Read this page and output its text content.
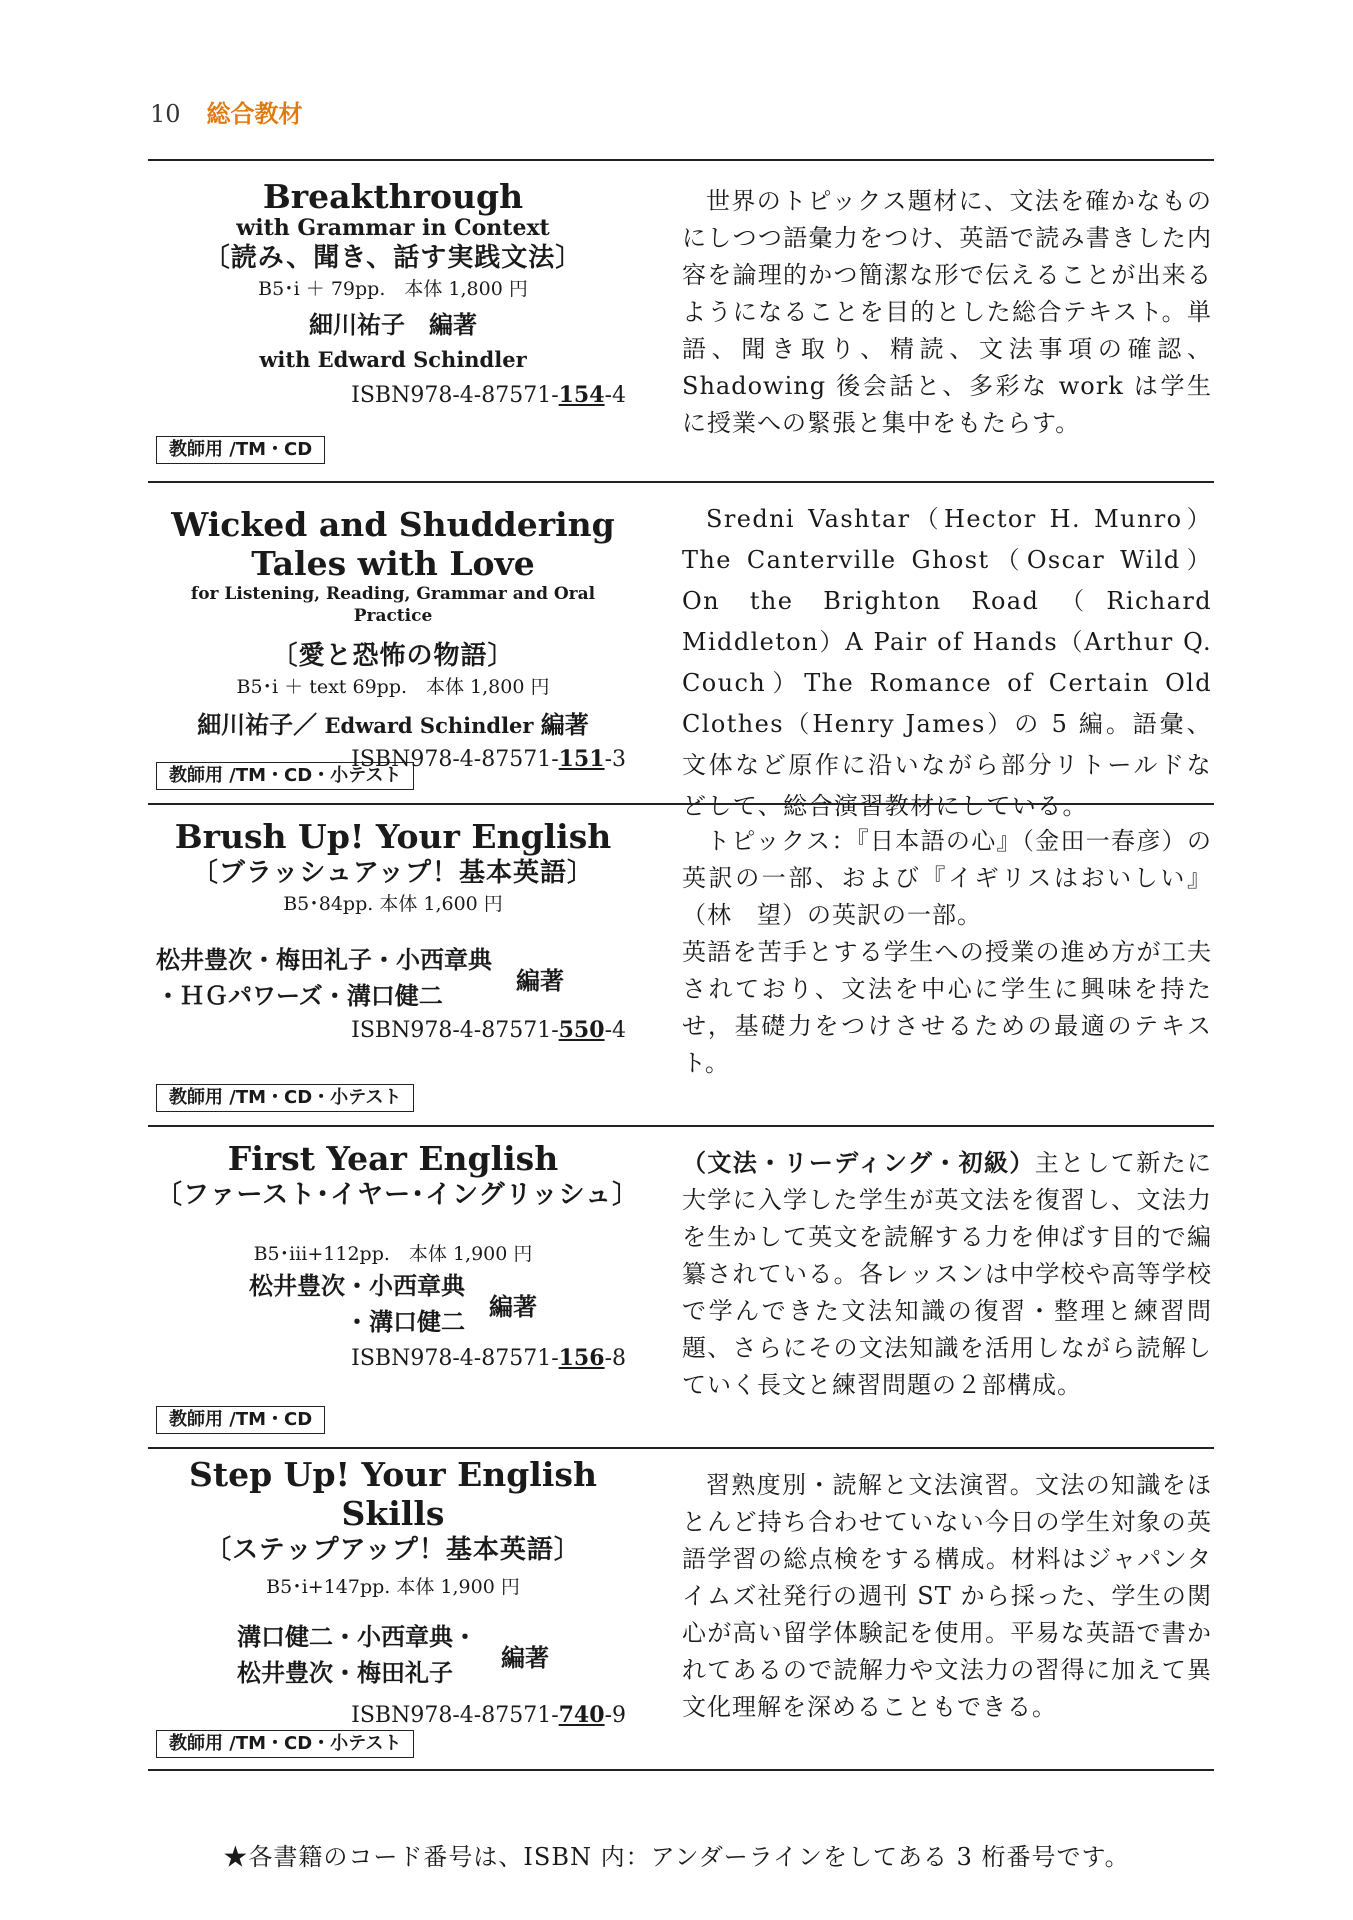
10 総合教材
Breakthrough
with Grammar in Context
〔読み、聞き、話す実践文法〕
B5･i ＋ 79pp.　本体 1,800 円
細川祐子　編著
with Edward Schindler
ISBN978-4-87571-154-4
教師用 /TM・CD

世界のトピックス題材に、文法を確かなものにしつつ語彙力をつけ、英語で読み書きした内容を論理的かつ簡潔な形で伝えることが出来るようになることを目的とした総合テキスト。単語、聞き取り、精読、文法事項の確認、Shadowing 後会話と、多彩な work は学生に授業への緊張と集中をもたらす。

Wicked and Shuddering
Tales with Love
for Listening, Reading, Grammar and Oral Practice
〔愛と恐怖の物語〕
B5･i ＋ text 69pp.　本体 1,800 円
細川祐子／ Edward Schindler 編著
ISBN978-4-87571-151-3
教師用 /TM・CD・小テスト

Sredni Vashtar（Hector H. Munro）The Canterville Ghost（Oscar Wild）On the Brighton Road（Richard Middleton）A Pair of Hands（Arthur Q. Couch）The Romance of Certain Old Clothes（Henry James）の 5 編。語彙、文体など原作に沿いながら部分リトールドなどして、総合演習教材にしている。

Brush Up! Your English
〔ブラッシュアップ！基本英語〕
B5･84pp. 本体 1,600 円
松井豊次・梅田礼子・小西章典
・ＨＧパワーズ・溝口健二
編著
ISBN978-4-87571-550-4
教師用 /TM・CD・小テスト

トピックス：『日本語の心』（金田一春彦）の英訳の一部、および『イギリスはおいしい』（林　望）の英訳の一部。

英語を苦手とする学生への授業の進め方が工夫されており、文法を中心に学生に興味を持たせ，基礎力をつけさせるための最適のテキスト。

First Year English
〔ファースト･イヤー･イングリッシュ〕
B5･iii+112pp.　本体 1,900 円
松井豊次・小西章典
・溝口健二
編著
ISBN978-4-87571-156-8
教師用 /TM・CD

（文法・リーディング・初級）主として新たに大学に入学した学生が英文法を復習し、文法力を生かして英文を読解する力を伸ばす目的で編纂されている。各レッスンは中学校や高等学校で学んできた文法知識の復習・整理と練習問題、さらにその文法知識を活用しながら読解していく長文と練習問題の２部構成。

Step Up! Your English Skills
〔ステップアップ！基本英語〕
B5･i+147pp. 本体 1,900 円
溝口健二・小西章典・
松井豊次・梅田礼子
編著
ISBN978-4-87571-740-9
教師用 /TM・CD・小テスト

習熟度別・読解と文法演習。文法の知識をほとんど持ち合わせていない今日の学生対象の英語学習の総点検をする構成。材料はジャパンタイムズ社発行の週刊 ST から採った、学生の関心が高い留学体験記を使用。平易な英語で書かれてあるので読解力や文法力の習得に加えて異文化理解を深めることもできる。

★各書籍のコード番号は、ISBN 内：アンダーラインをしてある 3 桁番号です。
